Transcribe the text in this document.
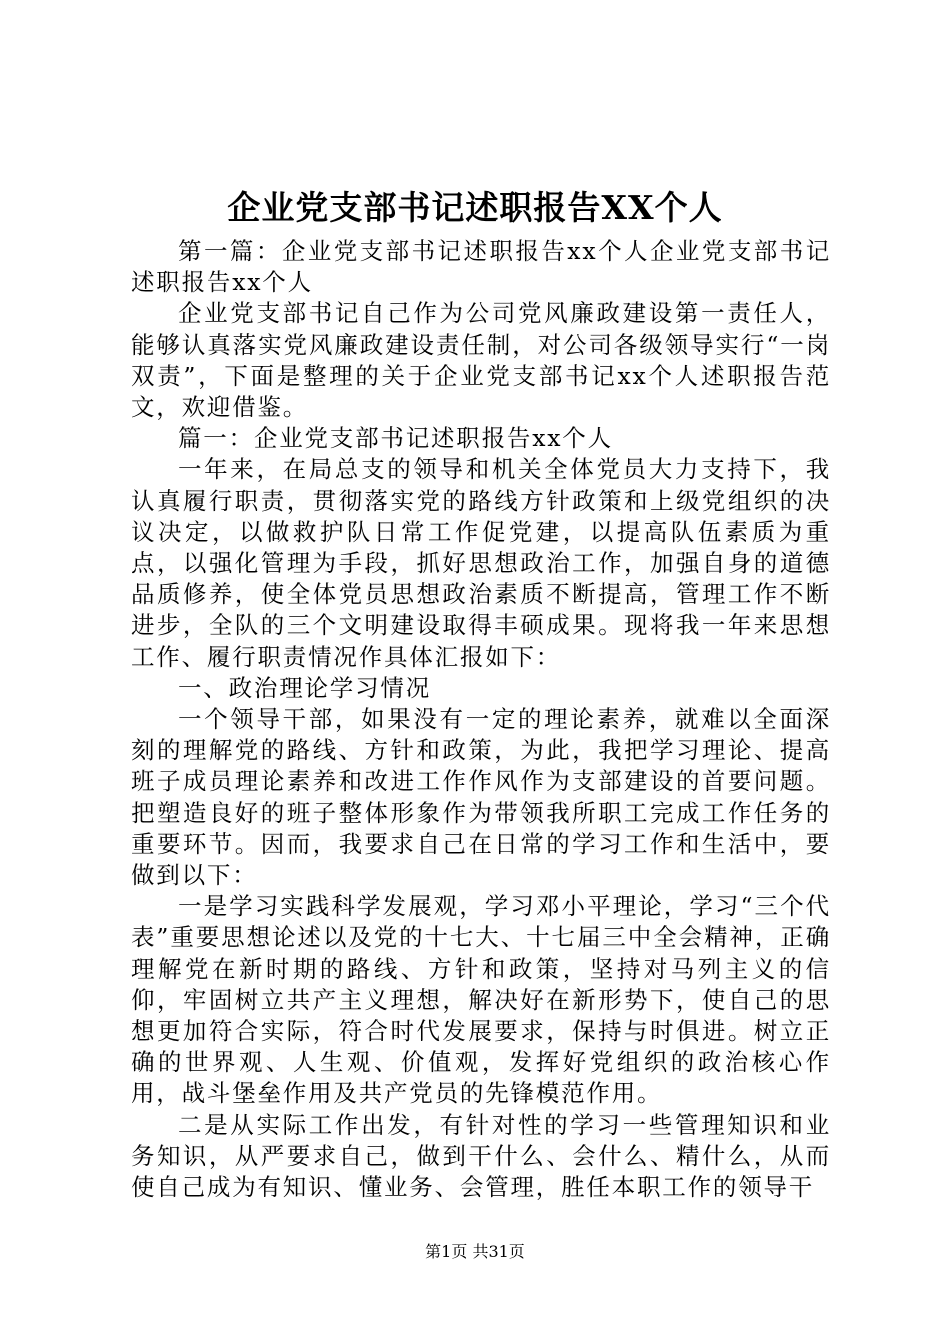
企业党支部书记述职报告XX个人

第一篇：企业党支部书记述职报告xx个人企业党支部书记述职报告xx个人

企业党支部书记自己作为公司党风廉政建设第一责任人，能够认真落实党风廉政建设责任制，对公司各级领导实行“一岗双责”，下面是整理的关于企业党支部书记xx个人述职报告范文，欢迎借鉴。

篇一：企业党支部书记述职报告xx个人

一年来，在局总支的领导和机关全体党员大力支持下，我认真履行职责，贯彻落实党的路线方针政策和上级党组织的决议决定，以做救护队日常工作促党建，以提高队伍素质为重点，以强化管理为手段，抓好思想政治工作，加强自身的道德品质修养，使全体党员思想政治素质不断提高，管理工作不断进步，全队的三个文明建设取得丰硕成果。现将我一年来思想工作、履行职责情况作具体汇报如下：

一、政治理论学习情况

一个领导干部，如果没有一定的理论素养，就难以全面深刻的理解党的路线、方针和政策，为此，我把学习理论、提高班子成员理论素养和改进工作作风作为支部建设的首要问题。把塑造良好的班子整体形象作为带领我所职工完成工作任务的重要环节。因而，我要求自己在日常的学习工作和生活中，要做到以下：

一是学习实践科学发展观，学习邓小平理论，学习“三个代表”重要思想论述以及党的十七大、十七届三中全会精神，正确理解党在新时期的路线、方针和政策，坚持对马列主义的信仰，牢固树立共产主义理想，解决好在新形势下，使自己的思想更加符合实际，符合时代发展要求，保持与时俱进。树立正确的世界观、人生观、价值观，发挥好党组织的政治核心作用，战斗堡垒作用及共产党员的先锋模范作用。

二是从实际工作出发，有针对性的学习一些管理知识和业务知识，从严要求自己，做到干什么、会什么、精什么，从而使自己成为有知识、懂业务、会管理，胜任本职工作的领导干

第1页 共31页
